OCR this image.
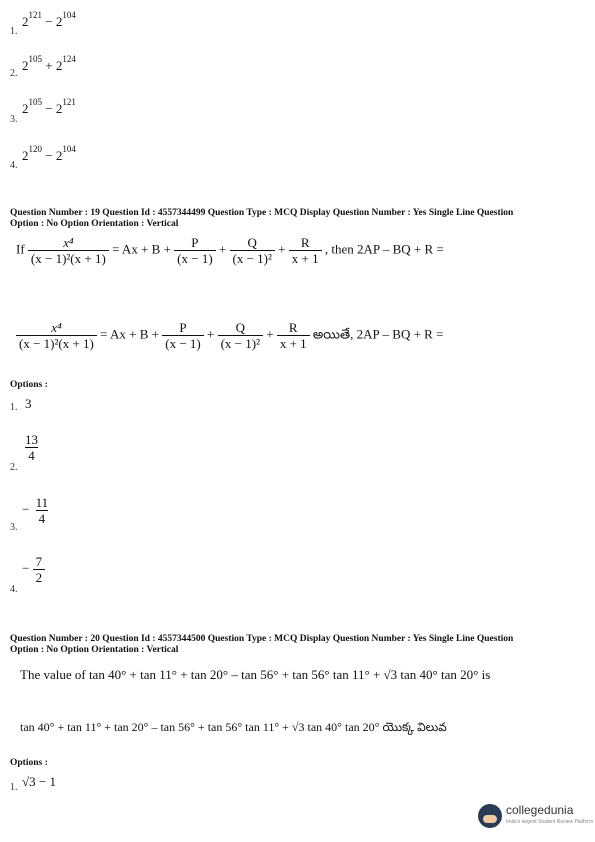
1.
$2^{121} - 2^{104}$
2.
$2^{105} + 2^{124}$
3.
$2^{105} - 2^{121}$
4.
$2^{120} - 2^{104}$
Question Number : 19 Question Id : 4557344499 Question Type : MCQ Display Question Number : Yes Single Line Question
Option : No Option Orientation : Vertical
If $\frac{\text{x⁴}}{\text{(x − 1)²(x + 1)}} = Ax + B + \frac{P}{(x - 1)} + \frac{Q}{\text{(x − 1)²}} + \frac{R}{x + 1}$ , then 2AP – BQ + R =
$\frac{\text{x⁴}}{\text{(x − 1)²(x + 1)}} = Ax + B + \frac{P}{(x - 1)} + \frac{Q}{\text{(x − 1)²}} + \frac{R}{x + 1}$ అయితే, 2AP – BQ + R =
Options :
1. 3
2.
$\frac{13}{4}$
3.
− $\frac{11}{4}$
4.
− $\frac{7}{2}$
Question Number : 20 Question Id : 4557344500 Question Type : MCQ Display Question Number : Yes Single Line Question
Option : No Option Orientation : Vertical
The value of tan 40° + tan 11° + tan 20° – tan 56° + tan 56° tan 11° + √3 tan 40° tan 20° is
tan 40° + tan 11° + tan 20° – tan 56° + tan 56° tan 11° + √3 tan 40° tan 20° యొక్క విలువ
Options :
1. √3 − 1
collegedunia
India's largest Student Review Platform
